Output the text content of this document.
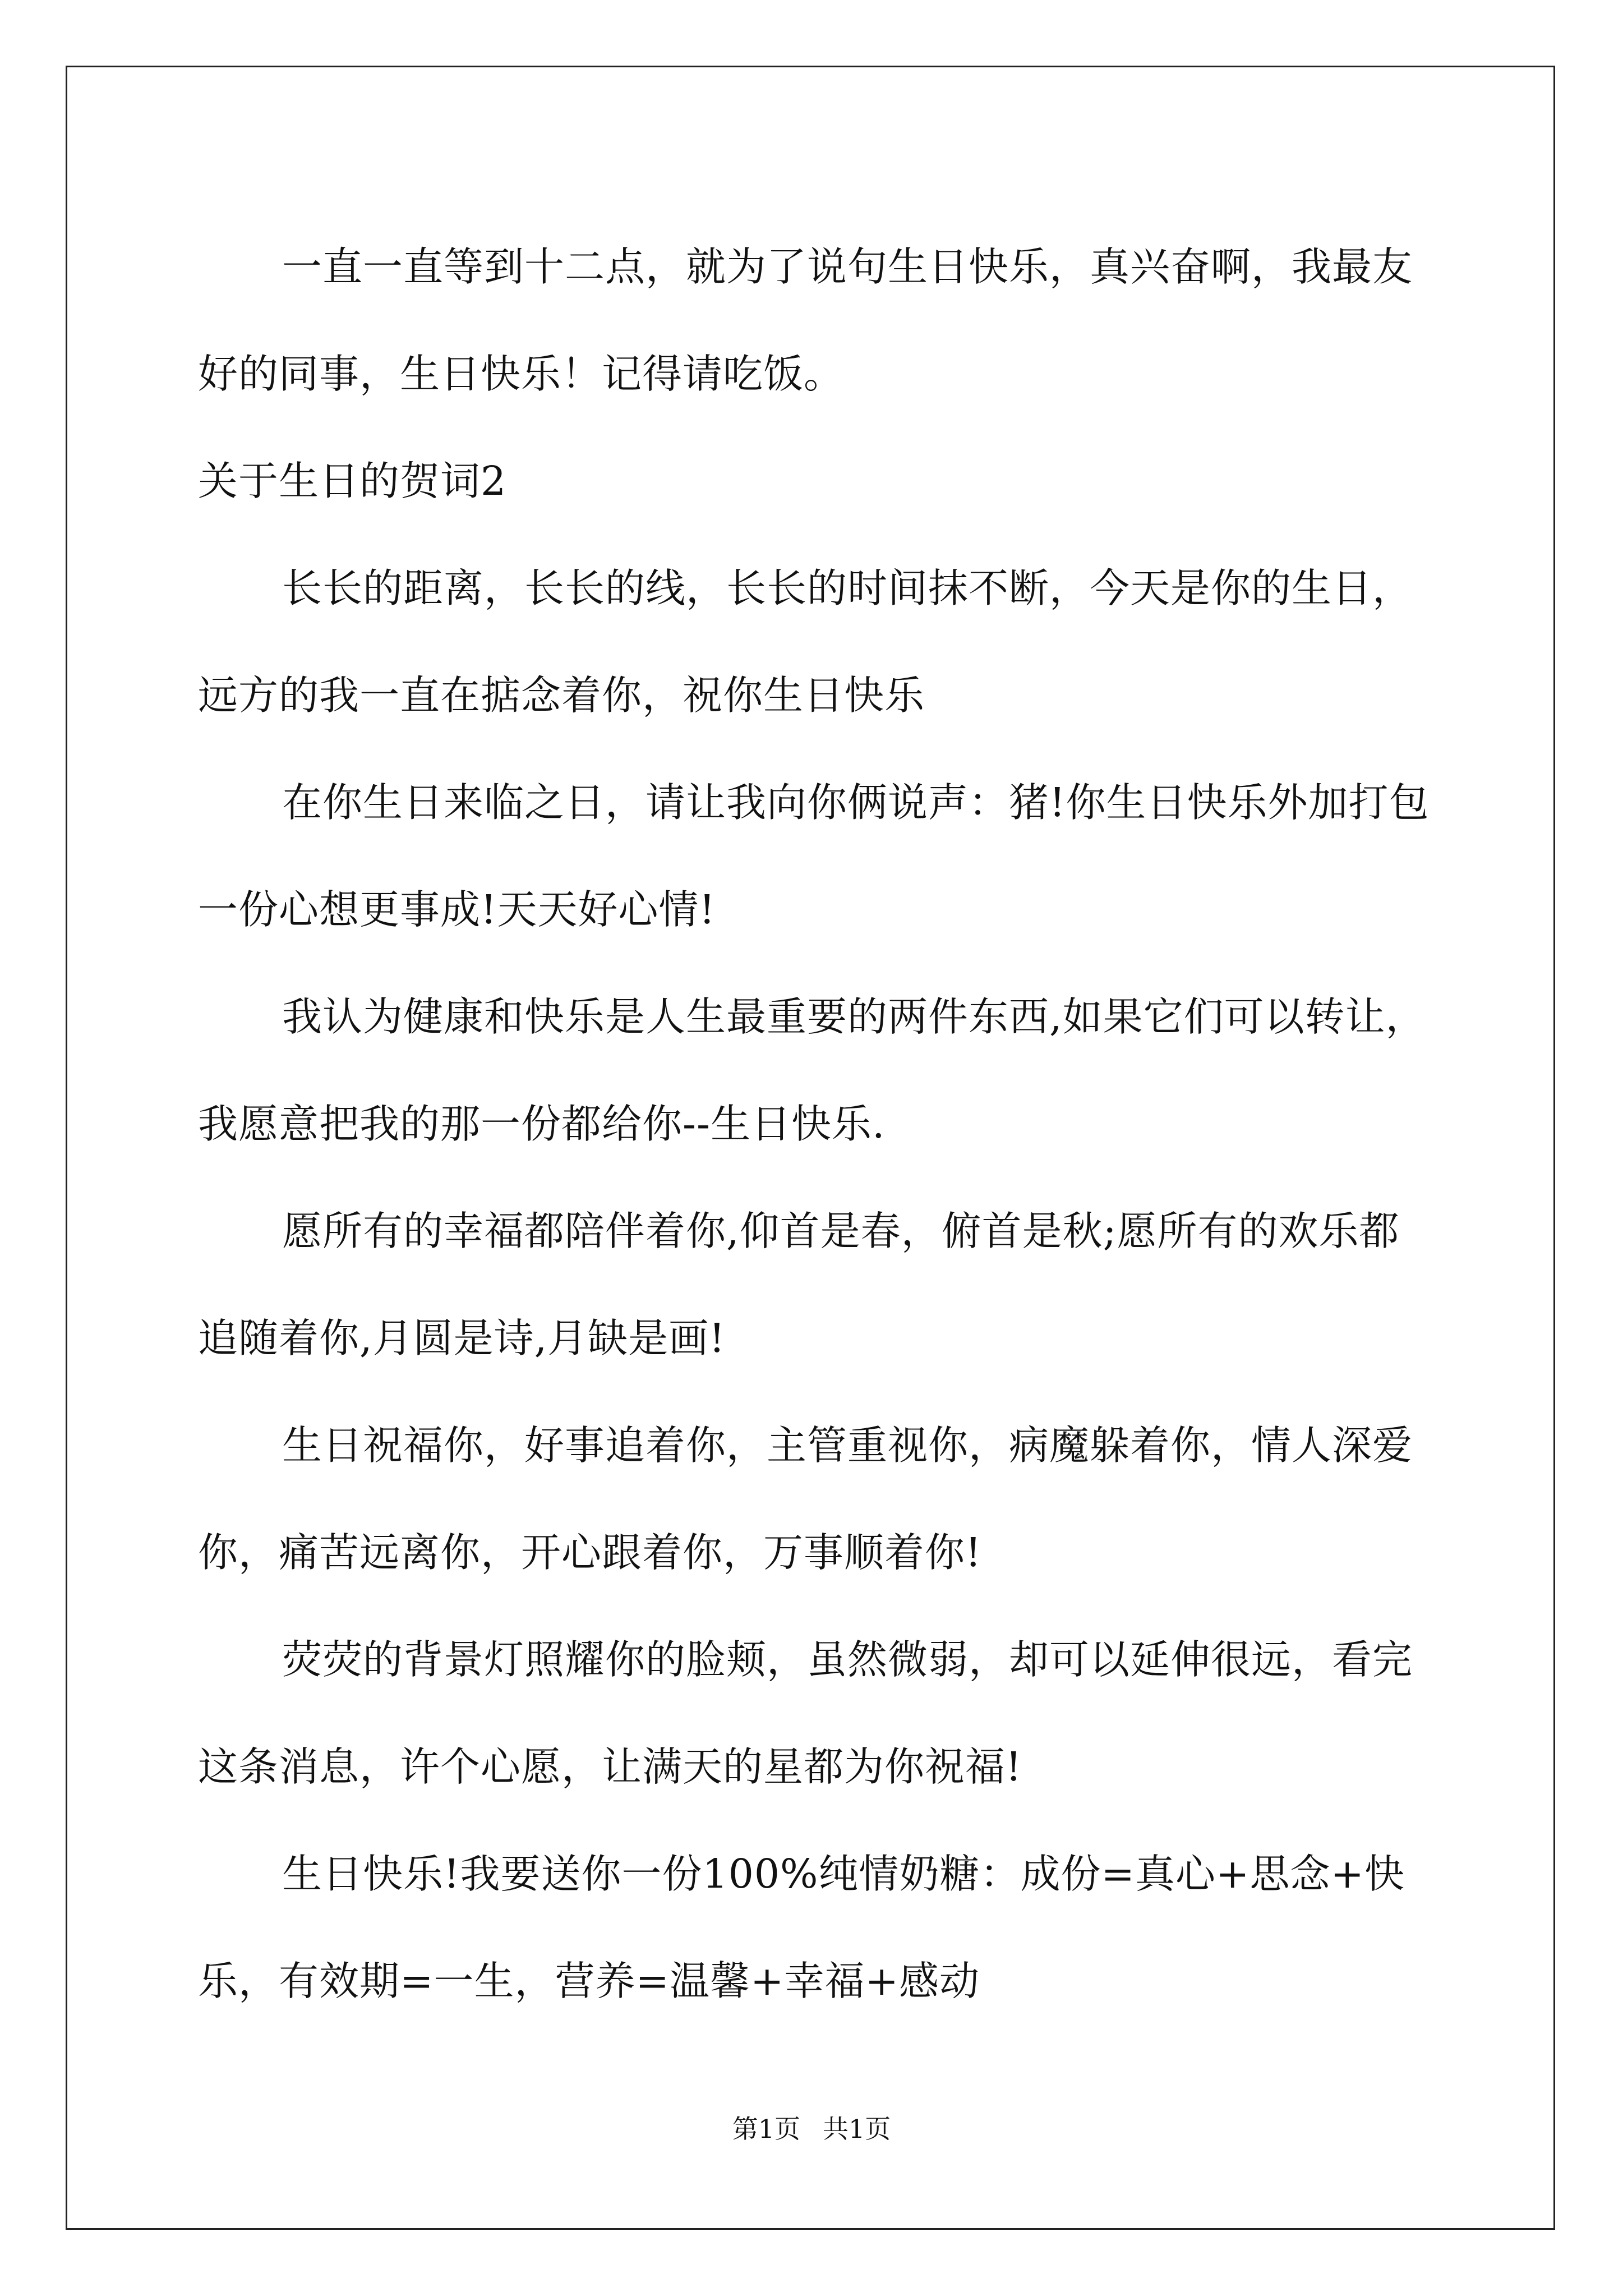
一直一直等到十二点，就为了说句生日快乐，真兴奋啊，我最友好的同事，生日快乐！记得请吃饭。

关于生日的贺词2

长长的距离，长长的线，长长的时间抹不断，今天是你的生日，远方的我一直在掂念着你，祝你生日快乐

在你生日来临之日，请让我向你俩说声：猪!你生日快乐外加打包一份心想更事成!天天好心情!

我认为健康和快乐是人生最重要的两件东西,如果它们可以转让，我愿意把我的那一份都给你--生日快乐.

愿所有的幸福都陪伴着你,仰首是春，俯首是秋;愿所有的欢乐都追随着你,月圆是诗,月缺是画!

生日祝福你，好事追着你，主管重视你，病魔躲着你，情人深爱你，痛苦远离你，开心跟着你，万事顺着你!

荧荧的背景灯照耀你的脸颊，虽然微弱，却可以延伸很远，看完这条消息，许个心愿，让满天的星都为你祝福!

生日快乐!我要送你一份100%纯情奶糖：成份=真心+思念+快乐，有效期=一生，营养=温馨+幸福+感动

第1页 共1页
